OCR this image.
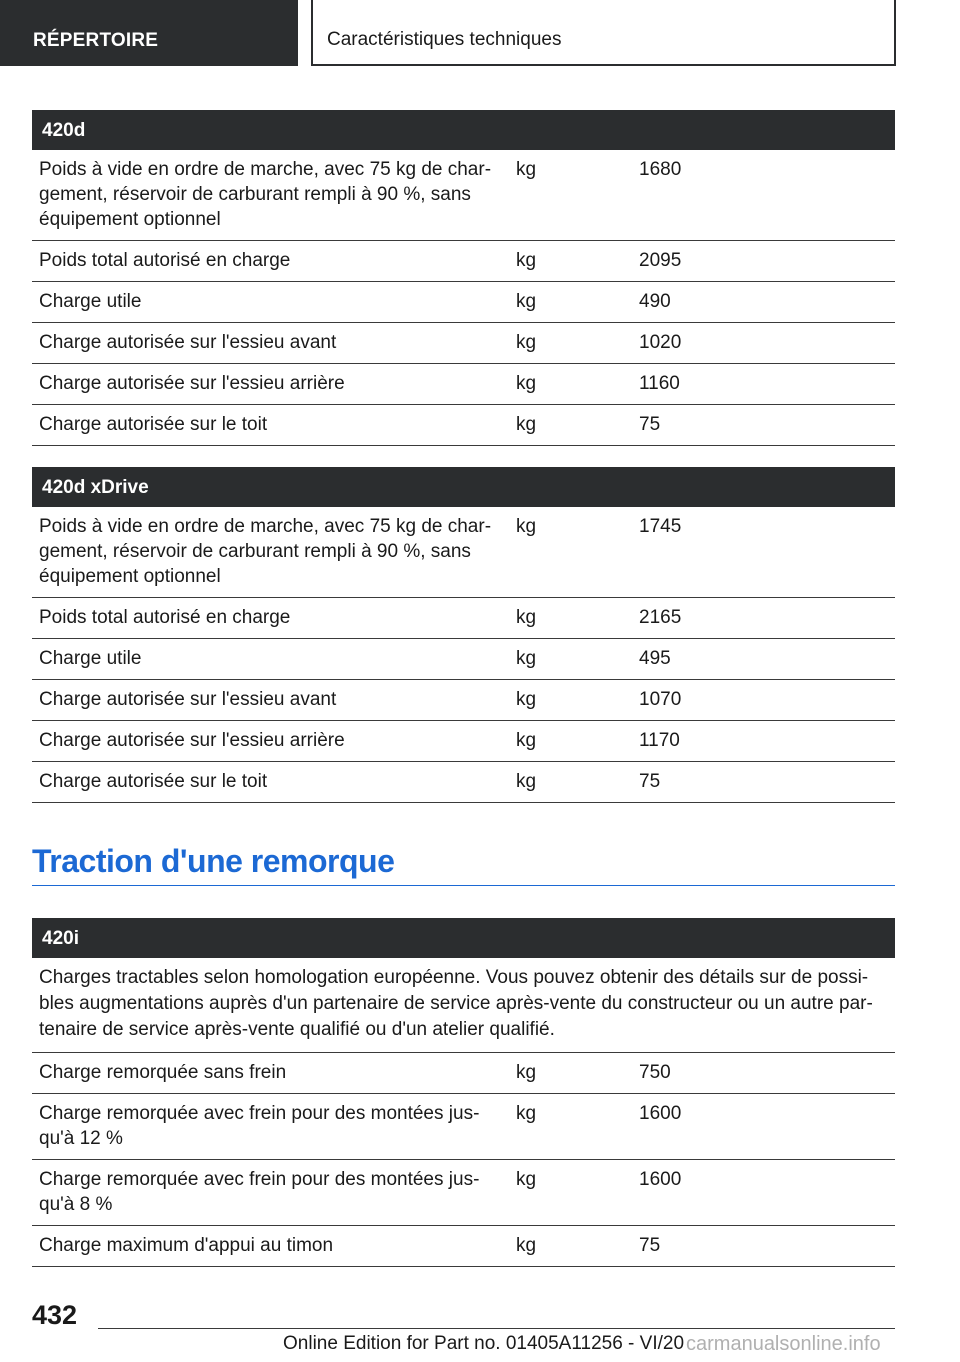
RÉPERTOIRE	Caractéristiques techniques
420d
Poids à vide en ordre de marche, avec 75 kg de char-
gement, réservoir de carburant rempli à 90 %, sans
équipement optionnel
kg	1680
Poids total autorisé en charge	kg	2095
Charge utile	kg	490
Charge autorisée sur l'essieu avant	kg	1020
Charge autorisée sur l'essieu arrière	kg	1160
Charge autorisée sur le toit	kg	75
420d xDrive
Poids à vide en ordre de marche, avec 75 kg de char-
gement, réservoir de carburant rempli à 90 %, sans
équipement optionnel
kg	1745
Poids total autorisé en charge	kg	2165
Charge utile	kg	495
Charge autorisée sur l'essieu avant	kg	1070
Charge autorisée sur l'essieu arrière	kg	1170
Charge autorisée sur le toit	kg	75
Traction d'une remorque
420i
Charges tractables selon homologation européenne. Vous pouvez obtenir des détails sur de possi-
bles augmentations auprès d'un partenaire de service après-vente du constructeur ou un autre par-
tenaire de service après-vente qualifié ou d'un atelier qualifié.
Charge remorquée sans frein	kg	750
Charge remorquée avec frein pour des montées jus-
qu'à 12 %
kg	1600
Charge remorquée avec frein pour des montées jus-
qu'à 8 %
kg	1600
Charge maximum d'appui au timon	kg	75
432
Online Edition for Part no. 01405A11256 - VI/20 carmanualsonline.info
